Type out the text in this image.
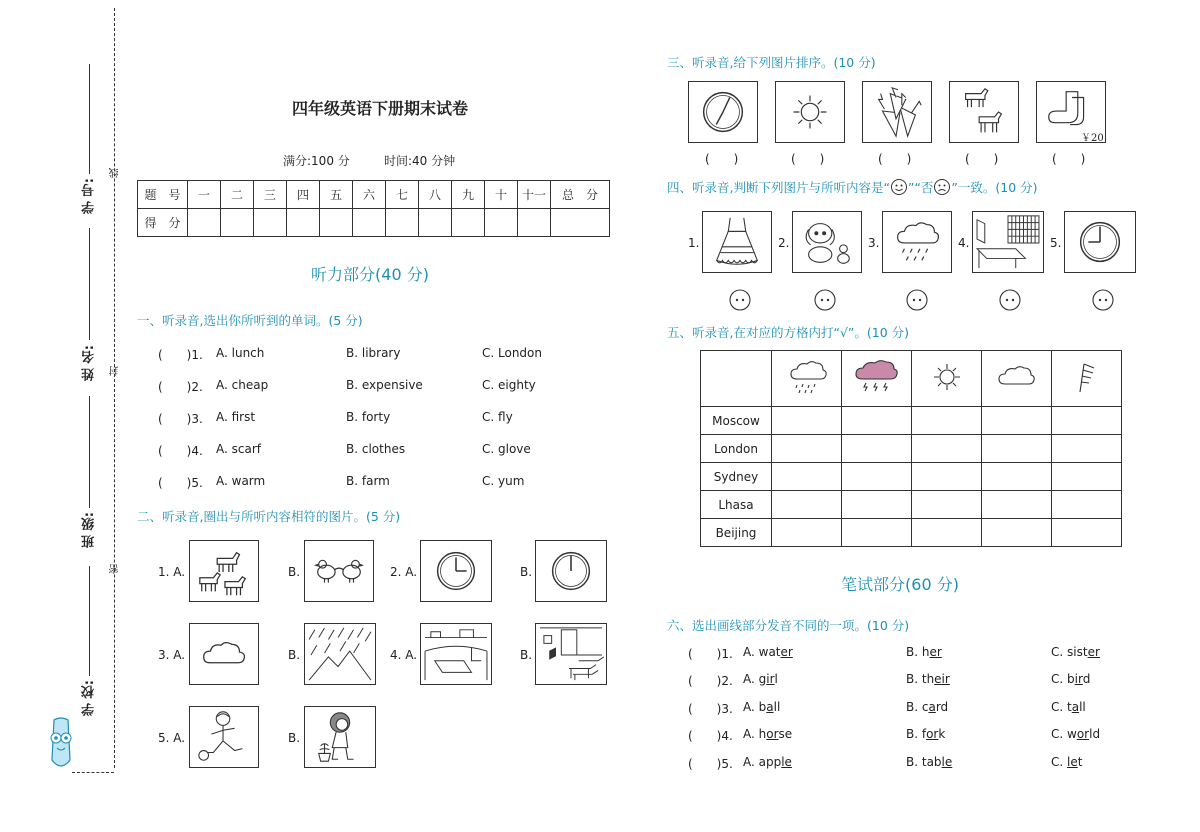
学 号:
线
姓 名: 封
班 级:
密
学 校:
四年级英语下册期末试卷
满分:100 分	时间:40 分钟
题　号	一	二	三	四	五	六	七	八	九	十	十一	总　分
得　分												
听力部分(40 分)
一、听录音,选出你所听到的单词。(5 分)
(　　)1. A. lunch	B. library	C. London
(　　)2. A. cheap	B. expensive	C. eighty
(　　)3. A. first	B. forty	C. fly
(　　)4. A. scarf	B. clothes	C. glove
(　　)5. A. warm	B. farm	C. yum
二、听录音,圈出与所听内容相符的图片。(5 分)
1. A.	B.	2. A.	B.
3. A.	B.	4. A.	B.
5. A.	B.
三、听录音,给下列图片排序。(10 分)
￥20
(　　)	(　　)	(　　)	(　　)	(　　)
四、听录音,判断下列图片与所听内容是“ ”“否 ”一致。(10 分)
1.	2.	3.	4.	5.
五、听录音,在对应的方格内打“√”。(10 分)

Moscow					
London					
Sydney					
Lhasa					
Beijing					
笔试部分(60 分)
六、选出画线部分发音不同的一项。(10 分)
(　　)1. A. water	B. her	C. sister
(　　)2. A. girl	B. their	C. bird
(　　)3. A. ball	B. card	C. tall
(　　)4. A. horse	B. fork	C. world
(　　)5. A. apple	B. table	C. let
